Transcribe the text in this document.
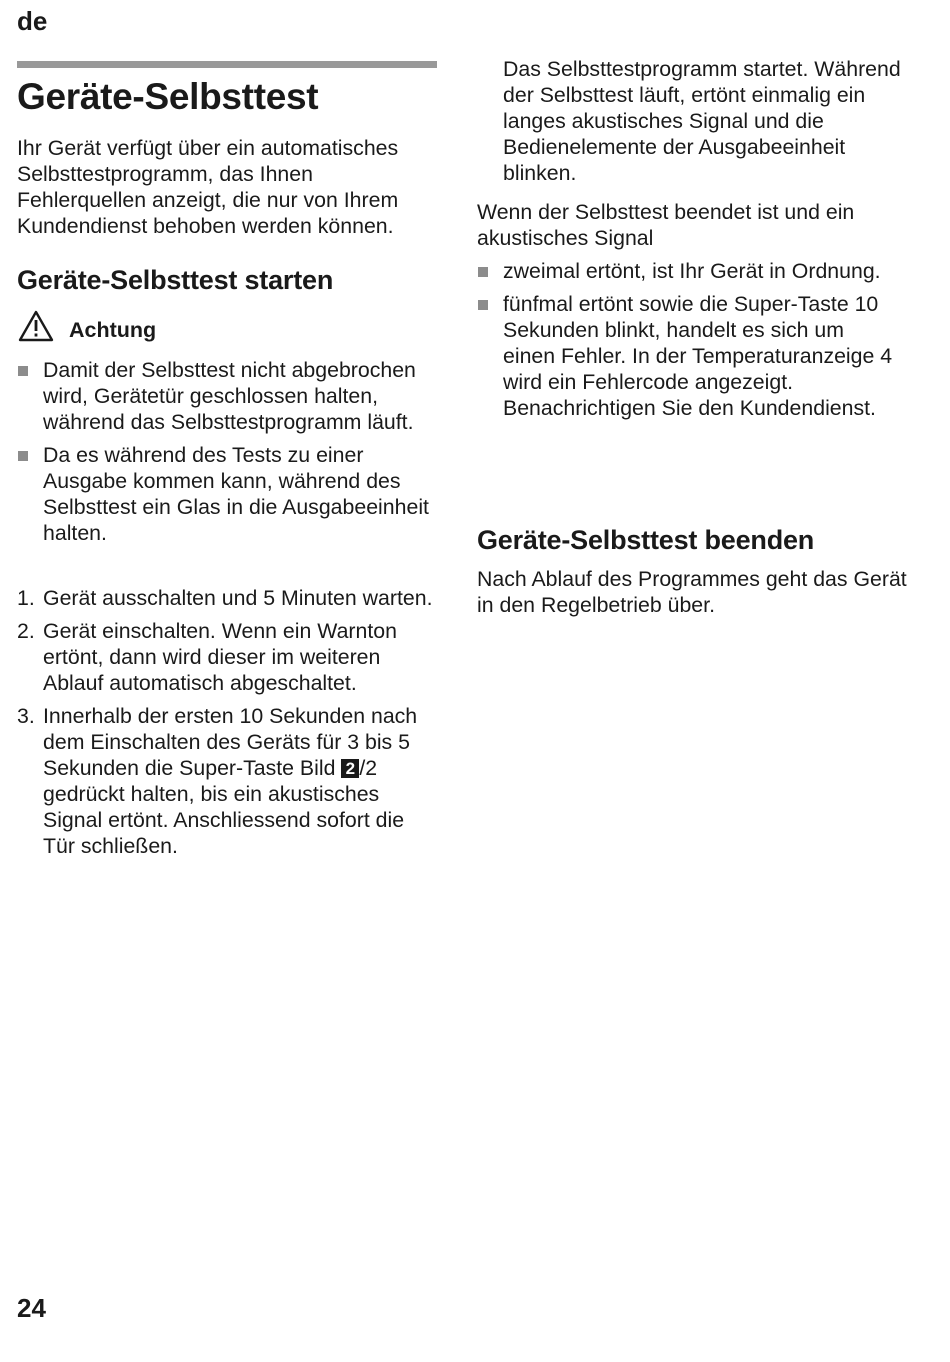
de
Geräte-Selbsttest

Ihr Gerät verfügt über ein automatisches Selbsttestprogramm, das Ihnen Fehlerquellen anzeigt, die nur von Ihrem Kundendienst behoben werden können.

Geräte-Selbsttest starten
Achtung
Damit der Selbsttest nicht abgebrochen wird, Gerätetür geschlossen halten, während das Selbsttestprogramm läuft.
Da es während des Tests zu einer Ausgabe kommen kann, während des Selbsttest ein Glas in die Ausgabeeinheit halten.
1. Gerät ausschalten und 5 Minuten warten.
2. Gerät einschalten. Wenn ein Warnton ertönt, dann wird dieser im weiteren Ablauf automatisch abgeschaltet.
3. Innerhalb der ersten 10 Sekunden nach dem Einschalten des Geräts für 3 bis 5 Sekunden die Super-Taste Bild 2 /2 gedrückt halten, bis ein akustisches Signal ertönt. Anschliessend sofort die Tür schließen.

Das Selbsttestprogramm startet. Während der Selbsttest läuft, ertönt einmalig ein langes akustisches Signal und die Bedienelemente der Ausgabeeinheit blinken.

Wenn der Selbsttest beendet ist und ein akustisches Signal

zweimal ertönt, ist Ihr Gerät in Ordnung.
fünfmal ertönt sowie die Super-Taste 10 Sekunden blinkt, handelt es sich um einen Fehler. In der Temperaturanzeige 4 wird ein Fehlercode angezeigt. Benachrichtigen Sie den Kundendienst.
Geräte-Selbsttest beenden

Nach Ablauf des Programmes geht das Gerät in den Regelbetrieb über.

24
